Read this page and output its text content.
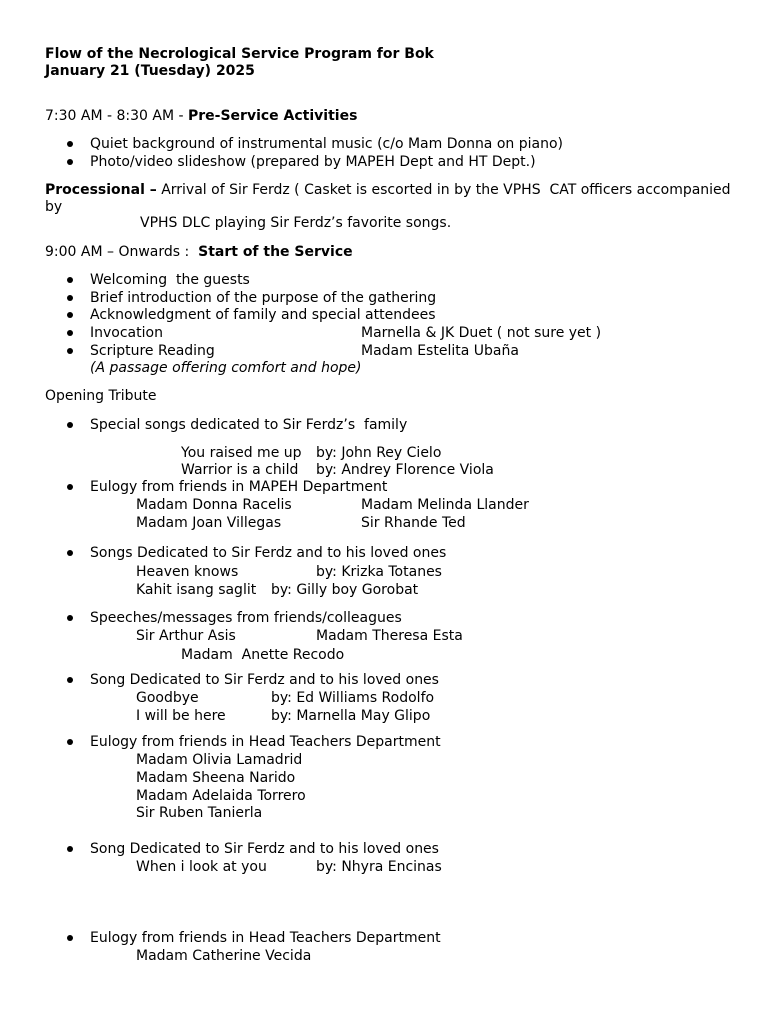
Flow of the Necrological Service Program for Bok
January 21 (Tuesday) 2025
7:30 AM - 8:30 AM - Pre-Service Activities
Quiet background of instrumental music (c/o Mam Donna on piano)
Photo/video slideshow (prepared by MAPEH Dept and HT Dept.)
Processional – Arrival of Sir Ferdz ( Casket is escorted in by the VPHS  CAT officers accompanied
by
VPHS DLC playing Sir Ferdz’s favorite songs.
9:00 AM – Onwards :  Start of the Service
Welcoming  the guests
Brief introduction of the purpose of the gathering
Acknowledgment of family and special attendees
Invocation	Marnella & JK Duet ( not sure yet )
Scripture Reading	Madam Estelita Ubaña
(A passage offering comfort and hope)
Opening Tribute
Special songs dedicated to Sir Ferdz’s  family
You raised me up by: John Rey Cielo
Warrior is a child by: Andrey Florence Viola
Eulogy from friends in MAPEH Department
Madam Donna Racelis	Madam Melinda Llander
Madam Joan Villegas	Sir Rhande Ted
Songs Dedicated to Sir Ferdz and to his loved ones
Heaven knows	by: Krizka Totanes
Kahit isang saglit by: Gilly boy Gorobat
Speeches/messages from friends/colleagues
Sir Arthur Asis	Madam Theresa Esta
Madam  Anette Recodo
Song Dedicated to Sir Ferdz and to his loved ones
Goodbye	by: Ed Williams Rodolfo
I will be here	by: Marnella May Glipo
Eulogy from friends in Head Teachers Department
Madam Olivia Lamadrid
Madam Sheena Narido
Madam Adelaida Torrero
Sir Ruben Tanierla
Song Dedicated to Sir Ferdz and to his loved ones
When i look at you	by: Nhyra Encinas
Eulogy from friends in Head Teachers Department
Madam Catherine Vecida
